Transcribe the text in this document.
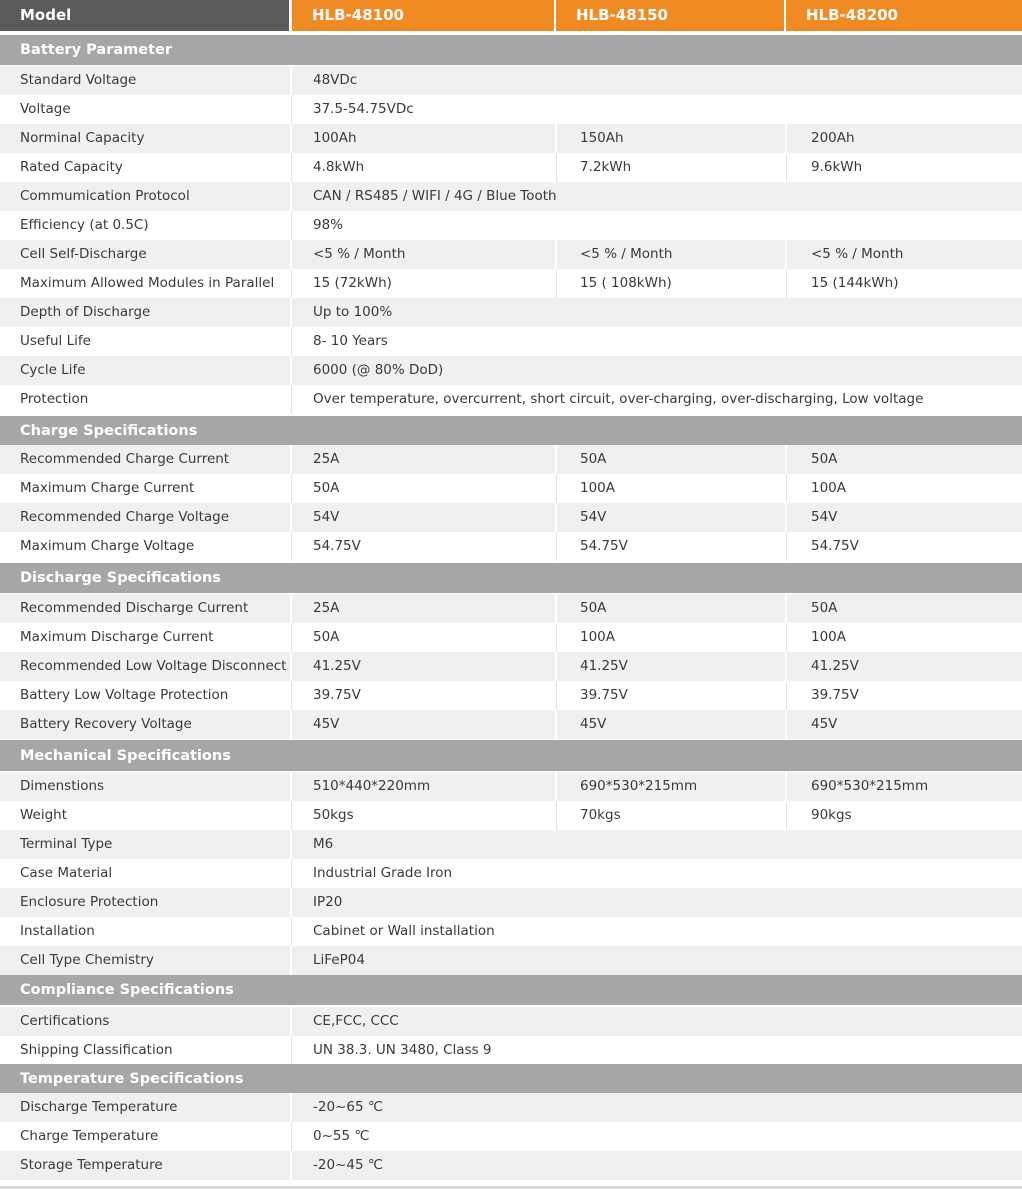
Model	HLB-48100	HLB-48150	HLB-48200
Battery Parameter
Standard Voltage	48VDc
Voltage	37.5-54.75VDc
Norminal Capacity	100Ah	150Ah	200Ah
Rated Capacity	4.8kWh	7.2kWh	9.6kWh
Commumication Protocol	CAN / RS485 / WIFI / 4G / Blue Tooth
Efficiency (at 0.5C)	98%
Cell Self-Discharge	<5 % / Month	<5 % / Month	<5 % / Month
Maximum Allowed Modules in Parallel	15 (72kWh)	15 ( 108kWh)	15 (144kWh)
Depth of Discharge	Up to 100%
Useful Life	8- 10 Years
Cycle Life	6000 (@ 80% DoD)
Protection	Over temperature, overcurrent, short circuit, over-charging, over-discharging, Low voltage
Charge Specifications
Recommended Charge Current	25A	50A	50A
Maximum Charge Current	50A	100A	100A
Recommended Charge Voltage	54V	54V	54V
Maximum Charge Voltage	54.75V	54.75V	54.75V
Discharge Specifications
Recommended Discharge Current	25A	50A	50A
Maximum Discharge Current	50A	100A	100A
Recommended Low Voltage Disconnect 41.25V	41.25V	41.25V
Battery Low Voltage Protection	39.75V	39.75V	39.75V
Battery Recovery Voltage	45V	45V	45V
Mechanical Specifications
Dimenstions	510*440*220mm	690*530*215mm	690*530*215mm
Weight	50kgs	70kgs	90kgs
Terminal Type	M6
Case Material	Industrial Grade Iron
Enclosure Protection	IP20
Installation	Cabinet or Wall installation
Cell Type Chemistry	LiFeP04
Compliance Specifications
Certifications	CE,FCC, CCC
Shipping Classification	UN 38.3. UN 3480, Class 9
Temperature Specifications
Discharge Temperature	-20~65 ℃
Charge Temperature	0~55 ℃
Storage Temperature	-20~45 ℃
